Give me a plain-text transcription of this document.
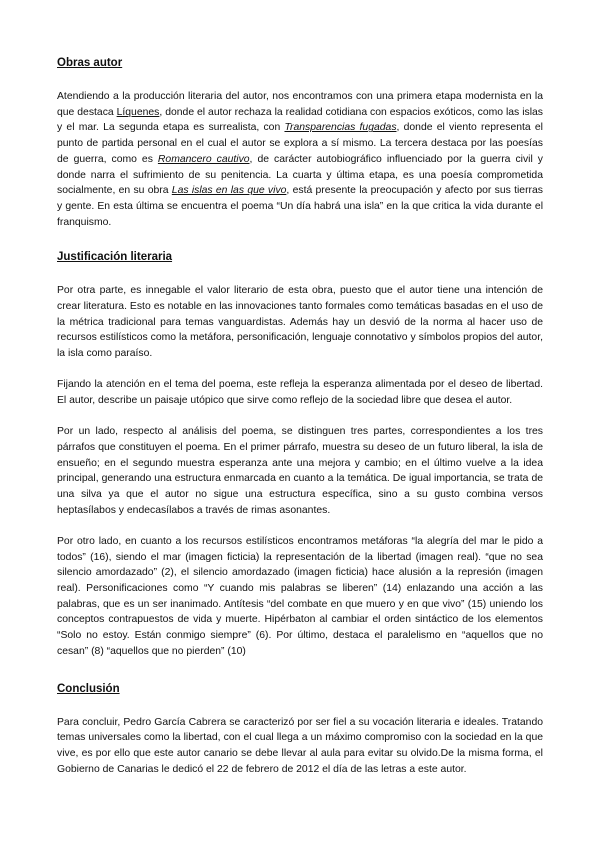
Obras autor

Atendiendo a la producción literaria del autor, nos encontramos con una primera etapa modernista en la que destaca Líquenes, donde el autor rechaza la realidad cotidiana con espacios exóticos, como las islas y el mar. La segunda etapa es surrealista, con Transparencias fugadas, donde el viento representa el punto de partida personal en el cual el autor se explora a sí mismo. La tercera destaca por las poesías de guerra, como es Romancero cautivo, de carácter autobiográfico influenciado por la guerra civil y donde narra el sufrimiento de su penitencia. La cuarta y última etapa, es una poesía comprometida socialmente, en su obra Las islas en las que vivo, está presente la preocupación y afecto por sus tierras y gente. En esta última se encuentra el poema “Un día habrá una isla” en la que critica la vida durante el franquismo.

Justificación literaria

Por otra parte, es innegable el valor literario de esta obra, puesto que el autor tiene una intención de crear literatura. Esto es notable en las innovaciones tanto formales como temáticas basadas en el uso de la métrica tradicional para temas vanguardistas. Además hay un desvió de la norma al hacer uso de recursos estilísticos como la metáfora, personificación, lenguaje connotativo y símbolos propios del autor, la isla como paraíso.

Fijando la atención en el tema del poema, este refleja la esperanza alimentada por el deseo de libertad. El autor, describe un paisaje utópico que sirve como reflejo de la sociedad libre que desea el autor.

Por un lado, respecto al análisis del poema, se distinguen tres partes, correspondientes a los tres párrafos que constituyen el poema. En el primer párrafo, muestra su deseo de un futuro liberal, la isla de ensueño; en el segundo muestra esperanza ante una mejora y cambio; en el último vuelve a la idea principal, generando una estructura enmarcada en cuanto a la temática. De igual importancia, se trata de una silva ya que el autor no sigue una estructura específica, sino a su gusto combina versos heptasílabos y endecasílabos a través de rimas asonantes.

Por otro lado, en cuanto a los recursos estilísticos encontramos metáforas “la alegría del mar le pido a todos” (16), siendo el mar (imagen ficticia) la representación de la libertad (imagen real). “que no sea silencio amordazado” (2), el silencio amordazado (imagen ficticia) hace alusión a la represión (imagen real). Personificaciones como “Y cuando mis palabras se liberen” (14) enlazando una acción a las palabras, que es un ser inanimado. Antítesis “del combate en que muero y en que vivo” (15) uniendo los conceptos contrapuestos de vida y muerte. Hipérbaton al cambiar el orden sintáctico de los elementos “Solo no estoy. Están conmigo siempre” (6). Por último, destaca el paralelismo en “aquellos que no cesan” (8) “aquellos que no pierden” (10)

Conclusión

Para concluir, Pedro García Cabrera se caracterizó por ser fiel a su vocación literaria e ideales. Tratando temas universales como la libertad, con el cual llega a un máximo compromiso con la sociedad en la que vive, es por ello que este autor canario se debe llevar al aula para evitar su olvido.De la misma forma, el Gobierno de Canarias le dedicó el 22 de febrero de 2012 el día de las letras a este autor.
